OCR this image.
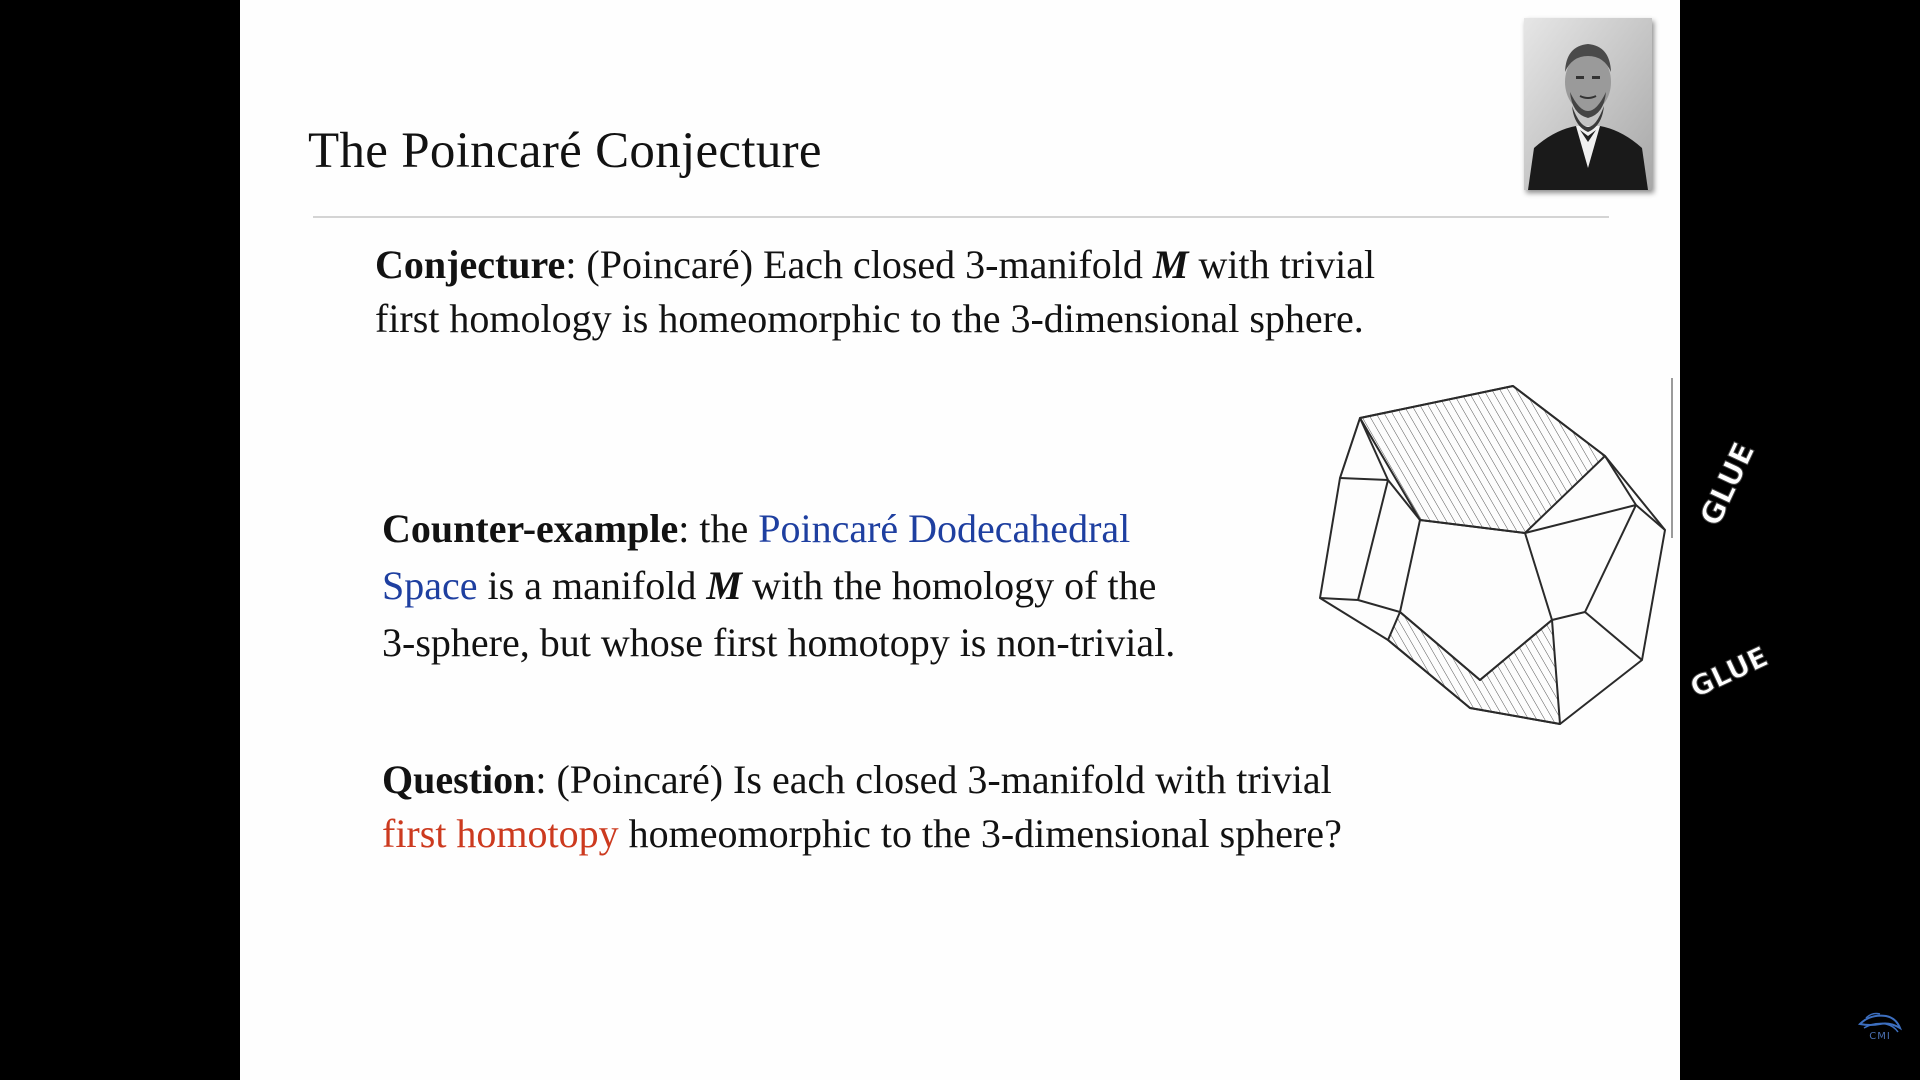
The Poincaré Conjecture
Conjecture: (Poincaré) Each closed 3-manifold M with trivial
first homology is homeomorphic to the 3-dimensional sphere.
Counter-example: the Poincaré Dodecahedral
Space is a manifold M with the homology of the
3-sphere, but whose first homotopy is non-trivial.
Question: (Poincaré) Is each closed 3-manifold with trivial
first homotopy homeomorphic to the 3-dimensional sphere?
GLUE
GLUE
CMI
